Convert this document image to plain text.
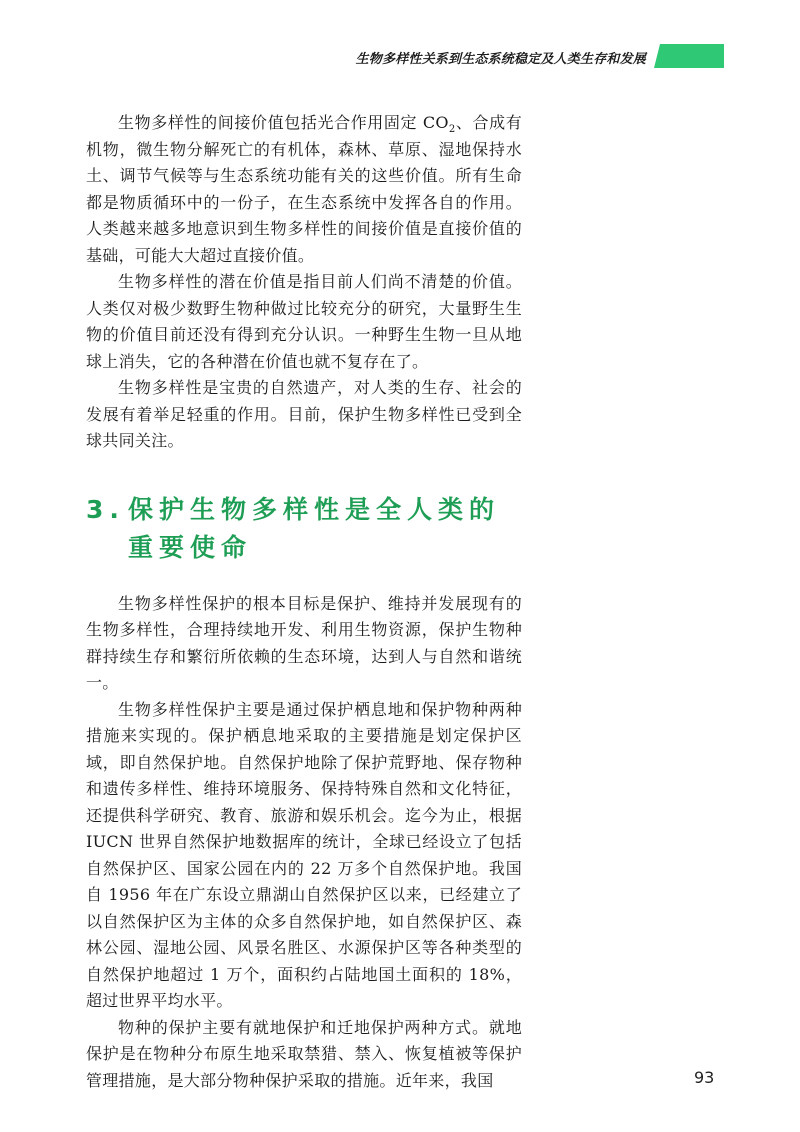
生物多样性关系到生态系统稳定及人类生存和发展

生物多样性的间接价值包括光合作用固定 $CO_2$、合成有机物，微生物分解死亡的有机体，森林、草原、湿地保持水土、调节气候等与生态系统功能有关的这些价值。所有生命都是物质循环中的一份子，在生态系统中发挥各自的作用。人类越来越多地意识到生物多样性的间接价值是直接价值的基础，可能大大超过直接价值。

生物多样性的潜在价值是指目前人们尚不清楚的价值。人类仅对极少数野生物种做过比较充分的研究，大量野生生物的价值目前还没有得到充分认识。一种野生生物一旦从地球上消失，它的各种潜在价值也就不复存在了。

生物多样性是宝贵的自然遗产，对人类的生存、社会的发展有着举足轻重的作用。目前，保护生物多样性已受到全球共同关注。

3. 保护生物多样性是全人类的重要使命

生物多样性保护的根本目标是保护、维持并发展现有的生物多样性，合理持续地开发、利用生物资源，保护生物种群持续生存和繁衍所依赖的生态环境，达到人与自然和谐统一。

生物多样性保护主要是通过保护栖息地和保护物种两种措施来实现的。保护栖息地采取的主要措施是划定保护区域，即自然保护地。自然保护地除了保护荒野地、保存物种和遗传多样性、维持环境服务、保持特殊自然和文化特征，还提供科学研究、教育、旅游和娱乐机会。迄今为止，根据 IUCN 世界自然保护地数据库的统计，全球已经设立了包括自然保护区、国家公园在内的 22 万多个自然保护地。我国自 1956 年在广东设立鼎湖山自然保护区以来，已经建立了以自然保护区为主体的众多自然保护地，如自然保护区、森林公园、湿地公园、风景名胜区、水源保护区等各种类型的自然保护地超过 1 万个，面积约占陆地国土面积的 18%，超过世界平均水平。

物种的保护主要有就地保护和迁地保护两种方式。就地保护是在物种分布原生地采取禁猎、禁入、恢复植被等保护管理措施，是大部分物种保护采取的措施。近年来，我国	93
